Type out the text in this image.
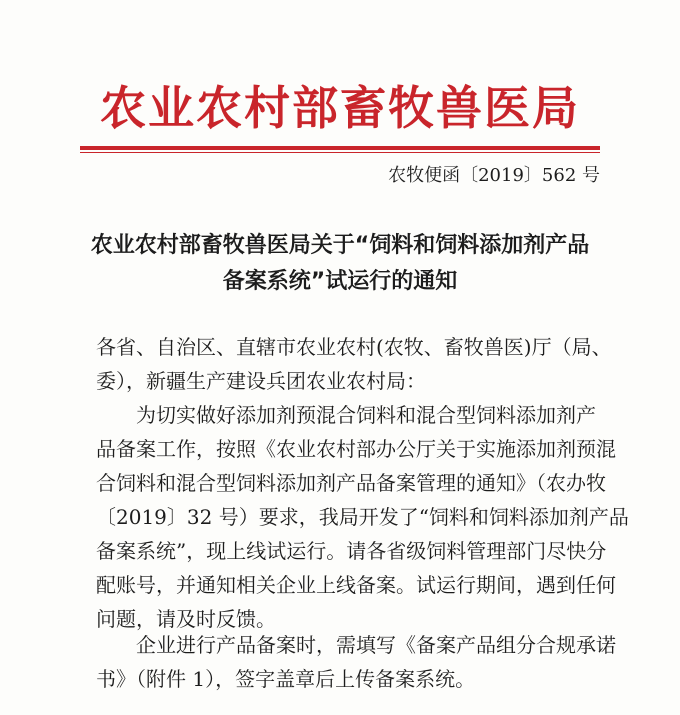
农业农村部畜牧兽医局
农牧便函〔2019〕562 号
农业农村部畜牧兽医局关于“饲料和饲料添加剂产品
备案系统”试运行的通知
各省、自治区、直辖市农业农村(农牧、畜牧兽医)厅（局、
委），新疆生产建设兵团农业农村局：
为切实做好添加剂预混合饲料和混合型饲料添加剂产
品备案工作，按照《农业农村部办公厅关于实施添加剂预混
合饲料和混合型饲料添加剂产品备案管理的通知》（农办牧
〔2019〕32 号）要求，我局开发了“饲料和饲料添加剂产品
备案系统”，现上线试运行。请各省级饲料管理部门尽快分
配账号，并通知相关企业上线备案。试运行期间，遇到任何
问题，请及时反馈。
企业进行产品备案时，需填写《备案产品组分合规承诺
书》（附件 1），签字盖章后上传备案系统。
